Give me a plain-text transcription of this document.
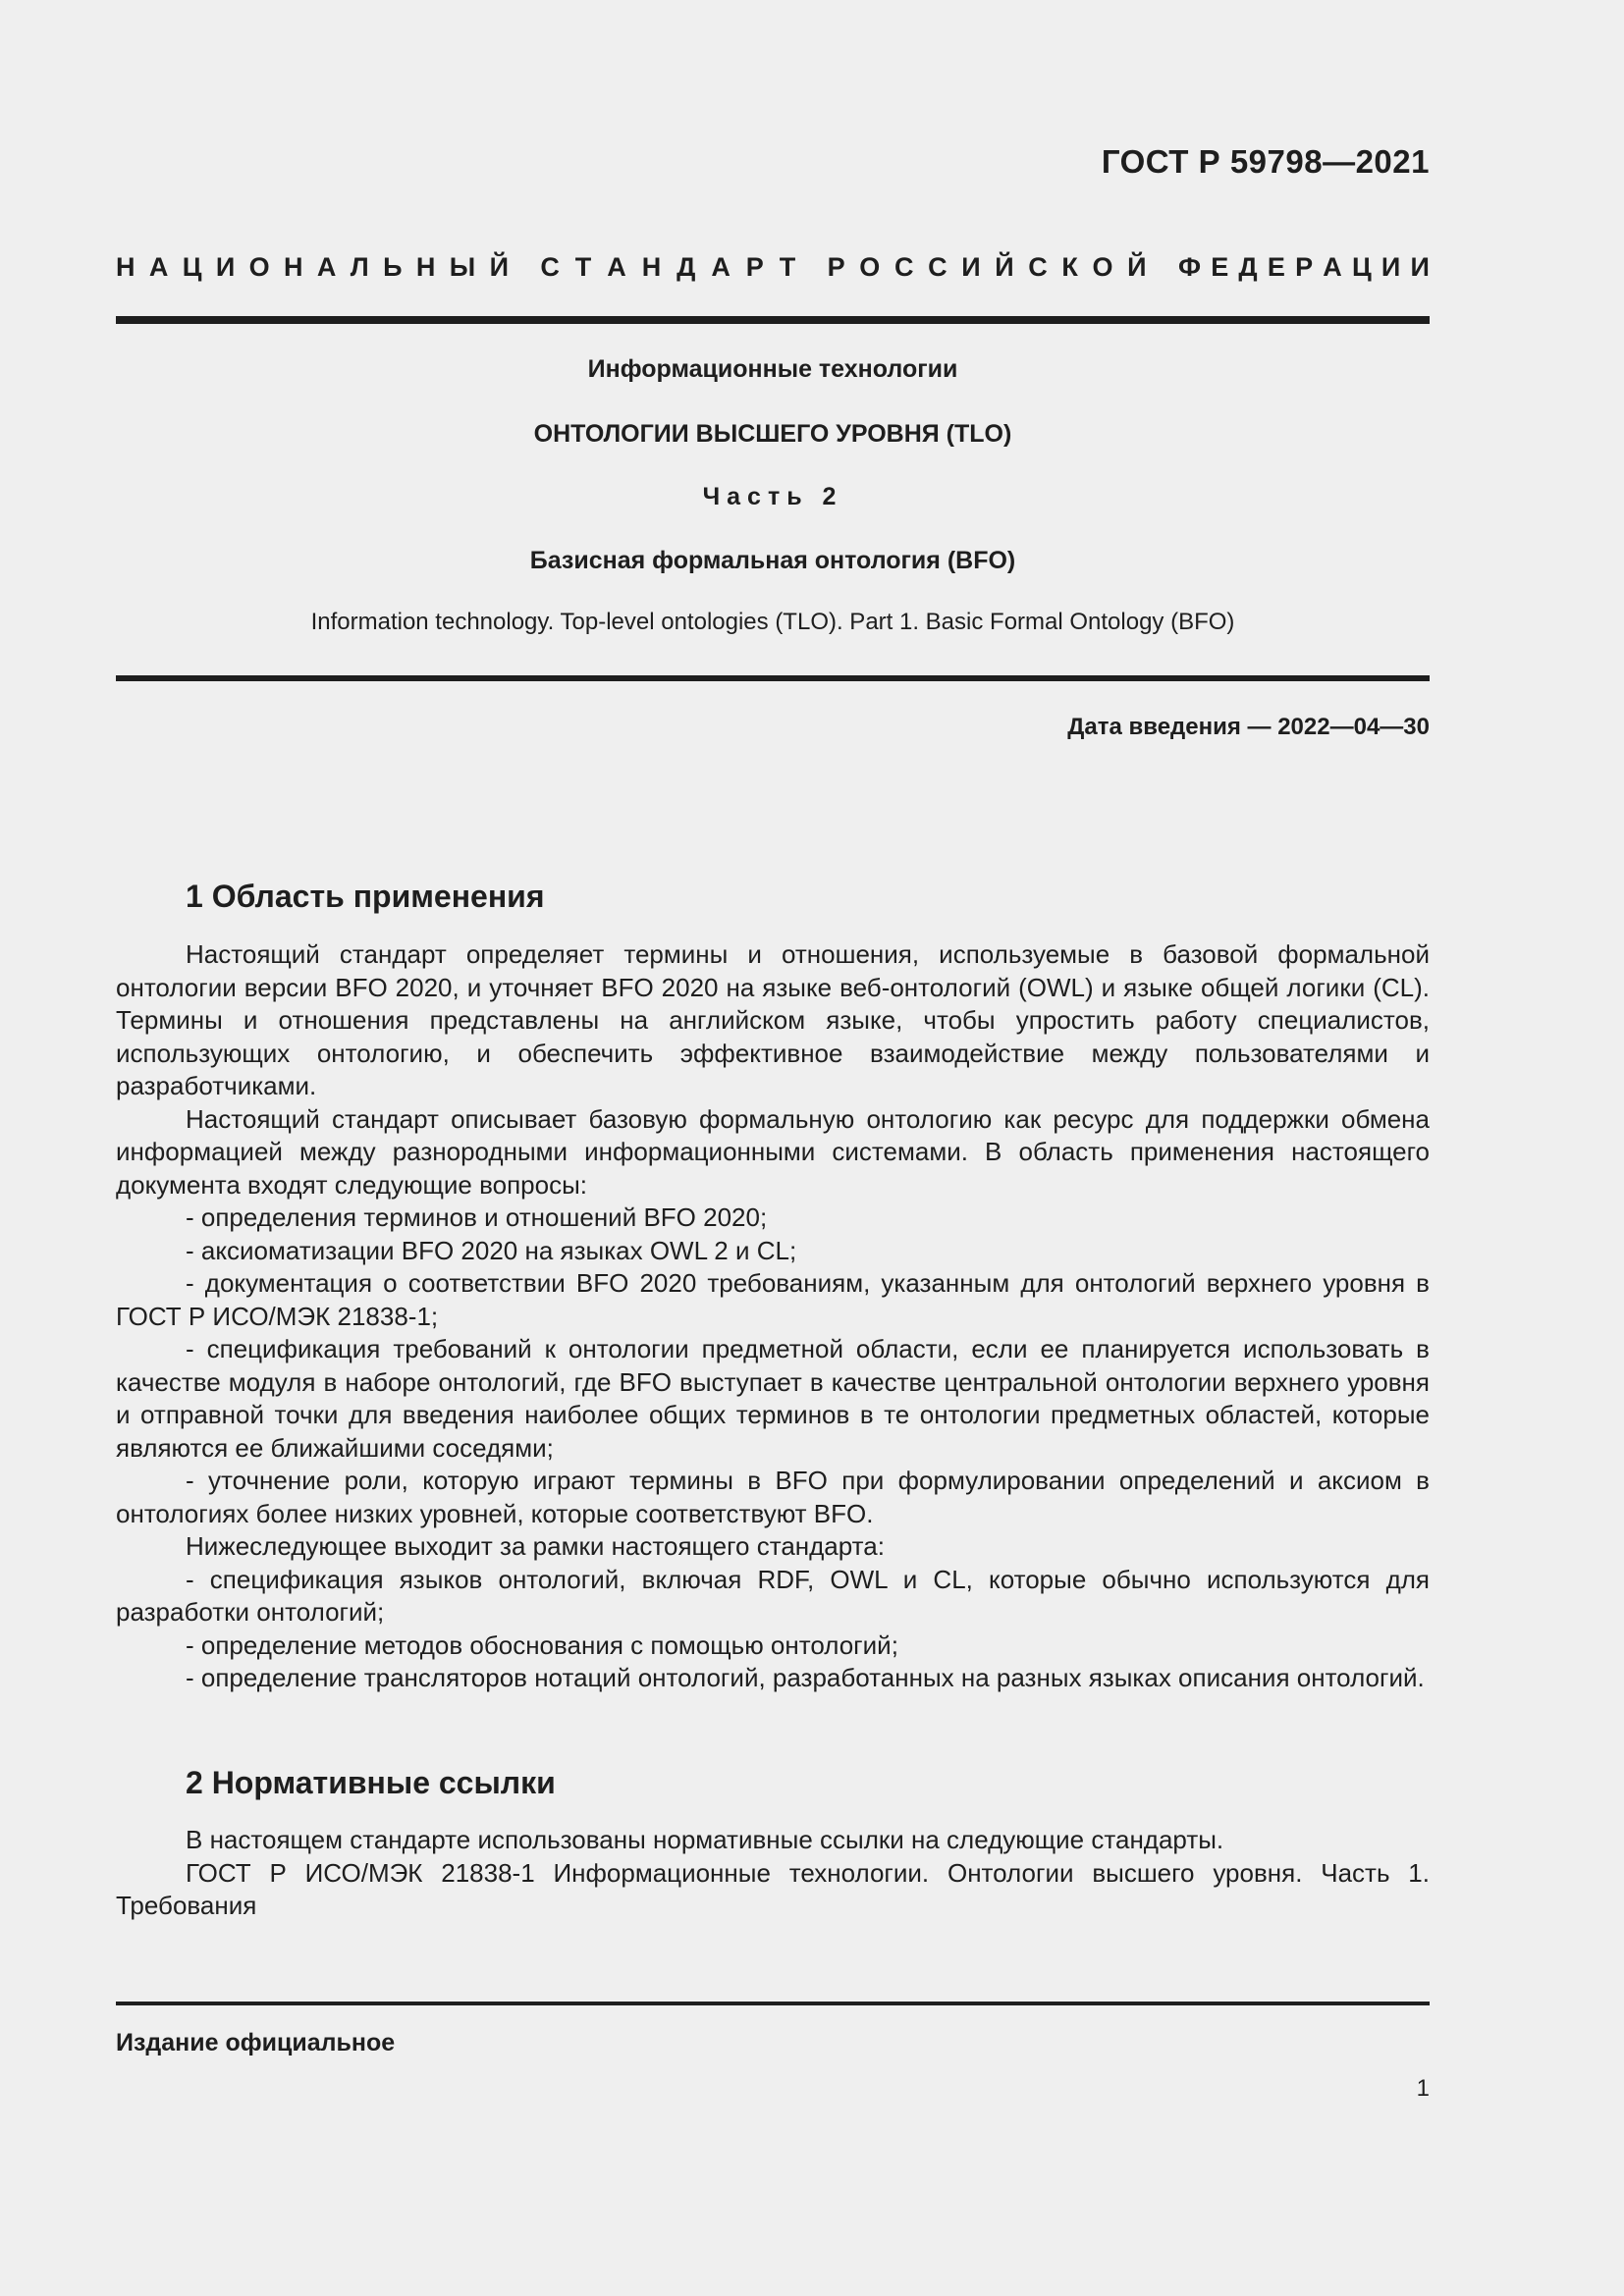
ГОСТ Р 59798—2021
Н А Ц И О Н А Л Ь Н Ы Й С Т А Н Д А Р Т Р О С С И Й С К О Й Ф Е Д Е Р А Ц И И
Информационные технологии
ОНТОЛОГИИ ВЫСШЕГО УРОВНЯ (TLO)
Часть 2
Базисная формальная онтология (BFO)
Information technology. Top-level ontologies (TLO). Part 1. Basic Formal Ontology (BFO)
Дата введения — 2022—04—30
1 Область применения

Настоящий стандарт определяет термины и отношения, используемые в базовой формальной онтологии версии BFO 2020, и уточняет BFO 2020 на языке веб-онтологий (OWL) и языке общей логики (CL). Термины и отношения представлены на английском языке, чтобы упростить работу специалистов, использующих онтологию, и обеспечить эффективное взаимодействие между пользователями и разработчиками.

Настоящий стандарт описывает базовую формальную онтологию как ресурс для поддержки обмена информацией между разнородными информационными системами. В область применения настоящего документа входят следующие вопросы:

- определения терминов и отношений BFO 2020;

- аксиоматизации BFO 2020 на языках OWL 2 и CL;

- документация о соответствии BFO 2020 требованиям, указанным для онтологий верхнего уровня в ГОСТ Р ИСО/МЭК 21838-1;

- спецификация требований к онтологии предметной области, если ее планируется использовать в качестве модуля в наборе онтологий, где BFO выступает в качестве центральной онтологии верхнего уровня и отправной точки для введения наиболее общих терминов в те онтологии предметных областей, которые являются ее ближайшими соседями;

- уточнение роли, которую играют термины в BFO при формулировании определений и аксиом в онтологиях более низких уровней, которые соответствуют BFO.

Нижеследующее выходит за рамки настоящего стандарта:

- спецификация языков онтологий, включая RDF, OWL и CL, которые обычно используются для разработки онтологий;

- определение методов обоснования с помощью онтологий;

- определение трансляторов нотаций онтологий, разработанных на разных языках описания онтологий.

2 Нормативные ссылки

В настоящем стандарте использованы нормативные ссылки на следующие стандарты.

ГОСТ Р ИСО/МЭК 21838-1 Информационные технологии. Онтологии высшего уровня. Часть 1. Требования

Издание официальное
1
